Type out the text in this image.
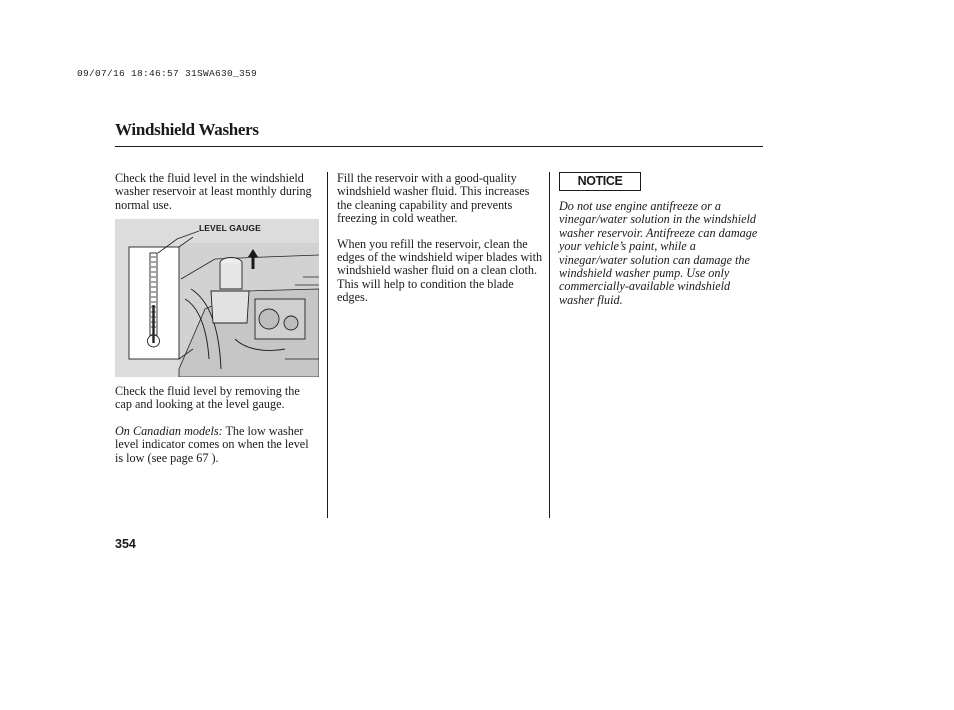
09/07/16 18:46:57 31SWA630_359
Windshield Washers

Check the fluid level in the windshield washer reservoir at least monthly during normal use.

LEVEL GAUGE

Check the fluid level by removing the cap and looking at the level gauge.

On Canadian models: The low washer level indicator comes on when the level is low (see page 67 ).

Fill the reservoir with a good-quality windshield washer fluid. This increases the cleaning capability and prevents freezing in cold weather.

When you refill the reservoir, clean the edges of the windshield wiper blades with windshield washer fluid on a clean cloth. This will help to condition the blade edges.

NOTICE
Do not use engine antifreeze or a vinegar/water solution in the windshield washer reservoir. Antifreeze can damage your vehicle’s paint, while a vinegar/water solution can damage the windshield washer pump. Use only commercially-available windshield washer fluid.
354
